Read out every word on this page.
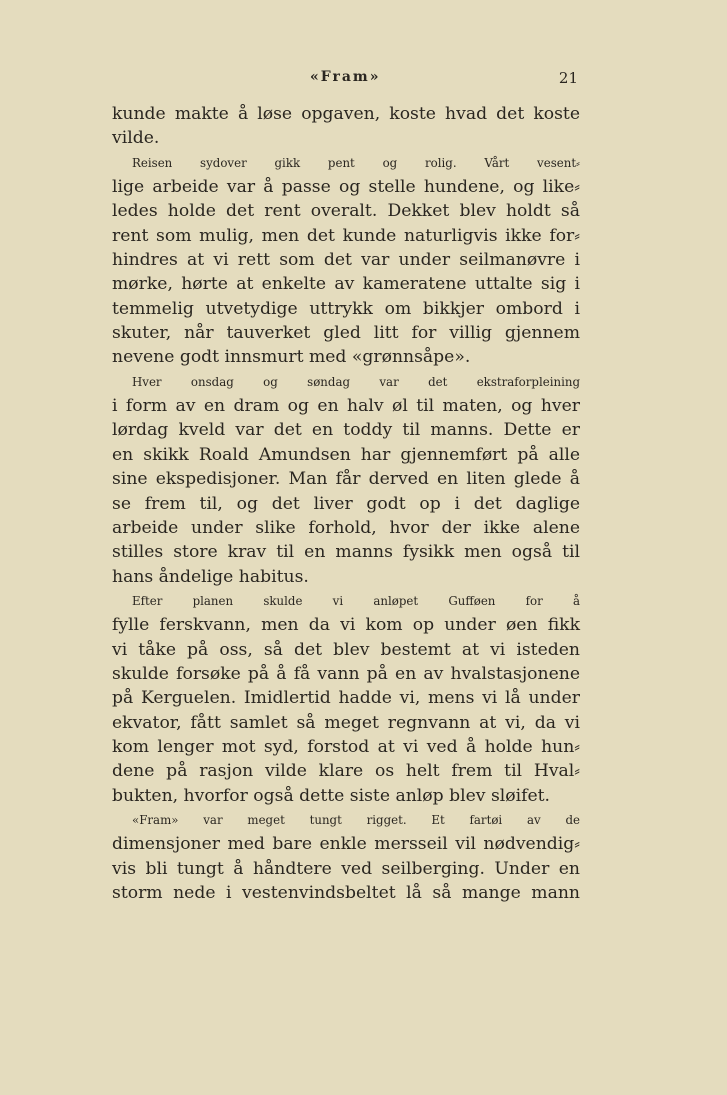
«Fram»	21
kunde makte å løse opgaven, koste hvad det koste
vilde.
Reisen sydover gikk pent og rolig. Vårt vesent⸗
lige arbeide var å passe og stelle hundene, og like⸗
ledes holde det rent overalt. Dekket blev holdt så
rent som mulig, men det kunde naturligvis ikke for⸗
hindres at vi rett som det var under seilmanøvre i
mørke, hørte at enkelte av kameratene uttalte sig i
temmelig utvetydige uttrykk om bikkjer ombord i
skuter, når tauverket gled litt for villig gjennem
nevene godt innsmurt med «grønnsåpe».
Hver onsdag og søndag var det ekstraforpleining
i form av en dram og en halv øl til maten, og hver
lørdag kveld var det en toddy til manns. Dette er
en skikk Roald Amundsen har gjennemført på alle
sine ekspedisjoner. Man får derved en liten glede å
se frem til, og det liver godt op i det daglige
arbeide under slike forhold, hvor der ikke alene
stilles store krav til en manns fysikk men også til
hans åndelige habitus.
Efter planen skulde vi anløpet Gufføen for å
fylle ferskvann, men da vi kom op under øen fikk
vi tåke på oss, så det blev bestemt at vi isteden
skulde forsøke på å få vann på en av hvalstasjonene
på Kerguelen. Imidlertid hadde vi, mens vi lå under
ekvator, fått samlet så meget regnvann at vi, da vi
kom lenger mot syd, forstod at vi ved å holde hun⸗
dene på rasjon vilde klare os helt frem til Hval⸗
bukten, hvorfor også dette siste anløp blev sløifet.
«Fram» var meget tungt rigget. Et fartøi av de
dimensjoner med bare enkle mersseil vil nødvendig⸗
vis bli tungt å håndtere ved seilberging. Under en
storm nede i vestenvindsbeltet lå så mange mann
